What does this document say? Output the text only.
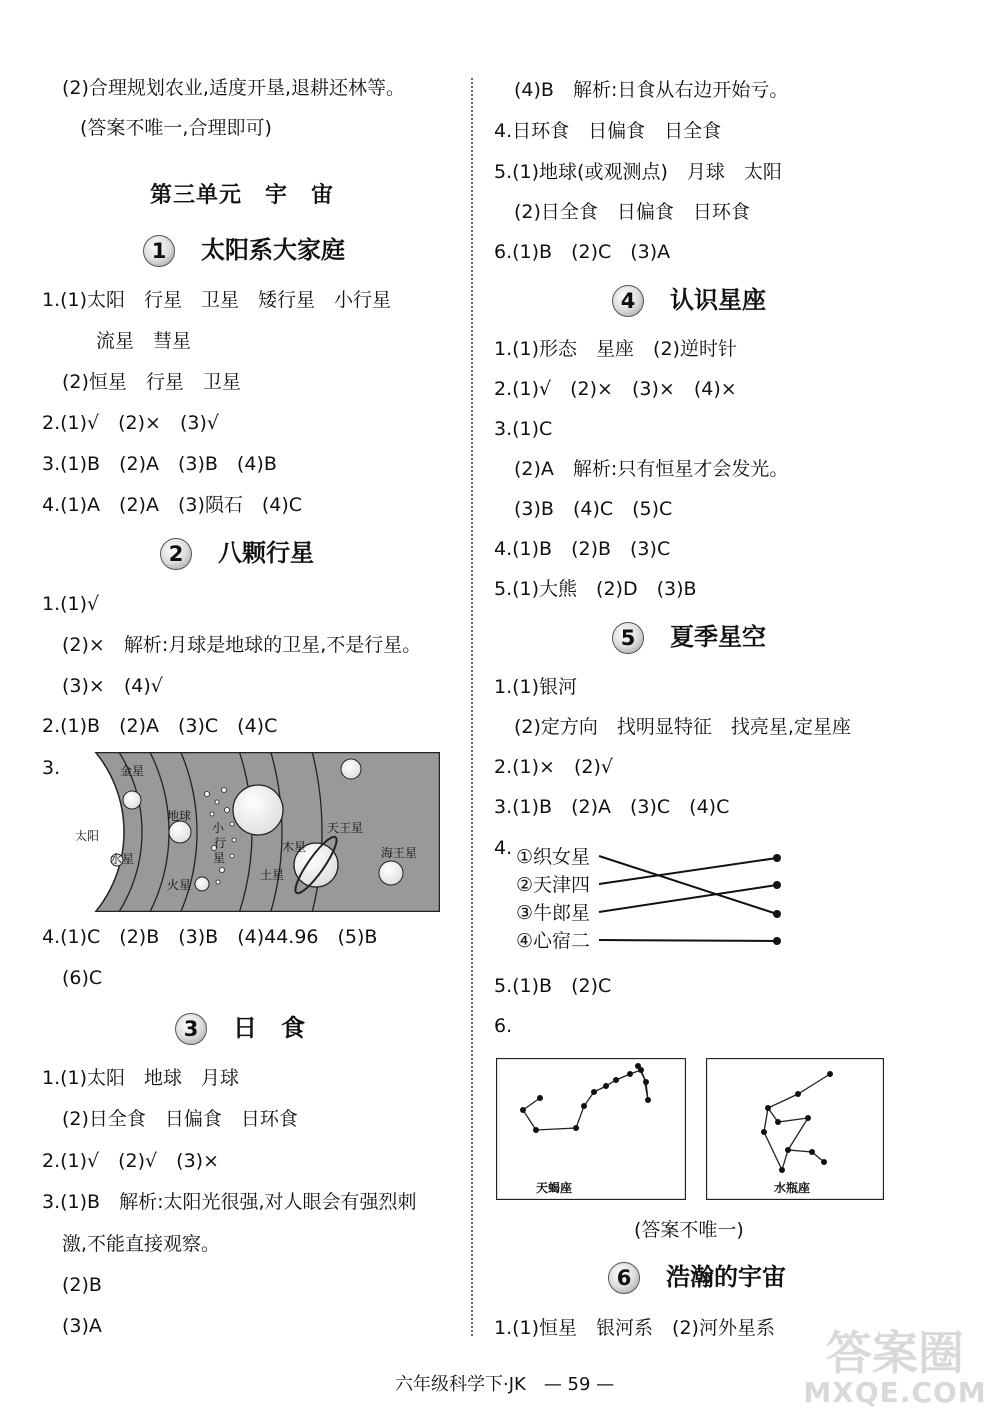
(2)合理规划农业,适度开垦,退耕还林等。
(答案不唯一,合理即可)
第三单元　宇　宙
1 太阳系大家庭
1.(1)太阳　行星　卫星　矮行星　小行星
流星　彗星
(2)恒星　行星　卫星
2.(1)√　(2)×　(3)√
3.(1)B　(2)A　(3)B　(4)B
4.(1)A　(2)A　(3)陨石　(4)C
2 八颗行星
1.(1)√
(2)×　解析:月球是地球的卫星,不是行星。
(3)×　(4)√
2.(1)B　(2)A　(3)C　(4)C
3.
太阳
水星
金星
地球
火星
小
行
星
木星
土星
天王星
海王星
4.(1)C　(2)B　(3)B　(4)44.96　(5)B
(6)C
3 日　食
1.(1)太阳　地球　月球
(2)日全食　日偏食　日环食
2.(1)√　(2)√　(3)×
3.(1)B　解析:太阳光很强,对人眼会有强烈刺
激,不能直接观察。
(2)B
(3)A
(4)B　解析:日食从右边开始亏。
4.日环食　日偏食　日全食
5.(1)地球(或观测点)　月球　太阳
(2)日全食　日偏食　日环食
6.(1)B　(2)C　(3)A
4 认识星座
1.(1)形态　星座　(2)逆时针
2.(1)√　(2)×　(3)×　(4)×
3.(1)C
(2)A　解析:只有恒星才会发光。
(3)B　(4)C　(5)C
4.(1)B　(2)B　(3)C
5.(1)大熊　(2)D　(3)B
5 夏季星空
1.(1)银河
(2)定方向　找明显特征　找亮星,定星座
2.(1)×　(2)√
3.(1)B　(2)A　(3)C　(4)C
4. ①织女星
②天津四
③牛郎星
④心宿二
5.(1)B　(2)C
6.
天蝎座	水瓶座
(答案不唯一)
6 浩瀚的宇宙
1.(1)恒星　银河系　(2)河外星系
六年级科学下·JK　— 59 —
答案圈
MXQE.COM
